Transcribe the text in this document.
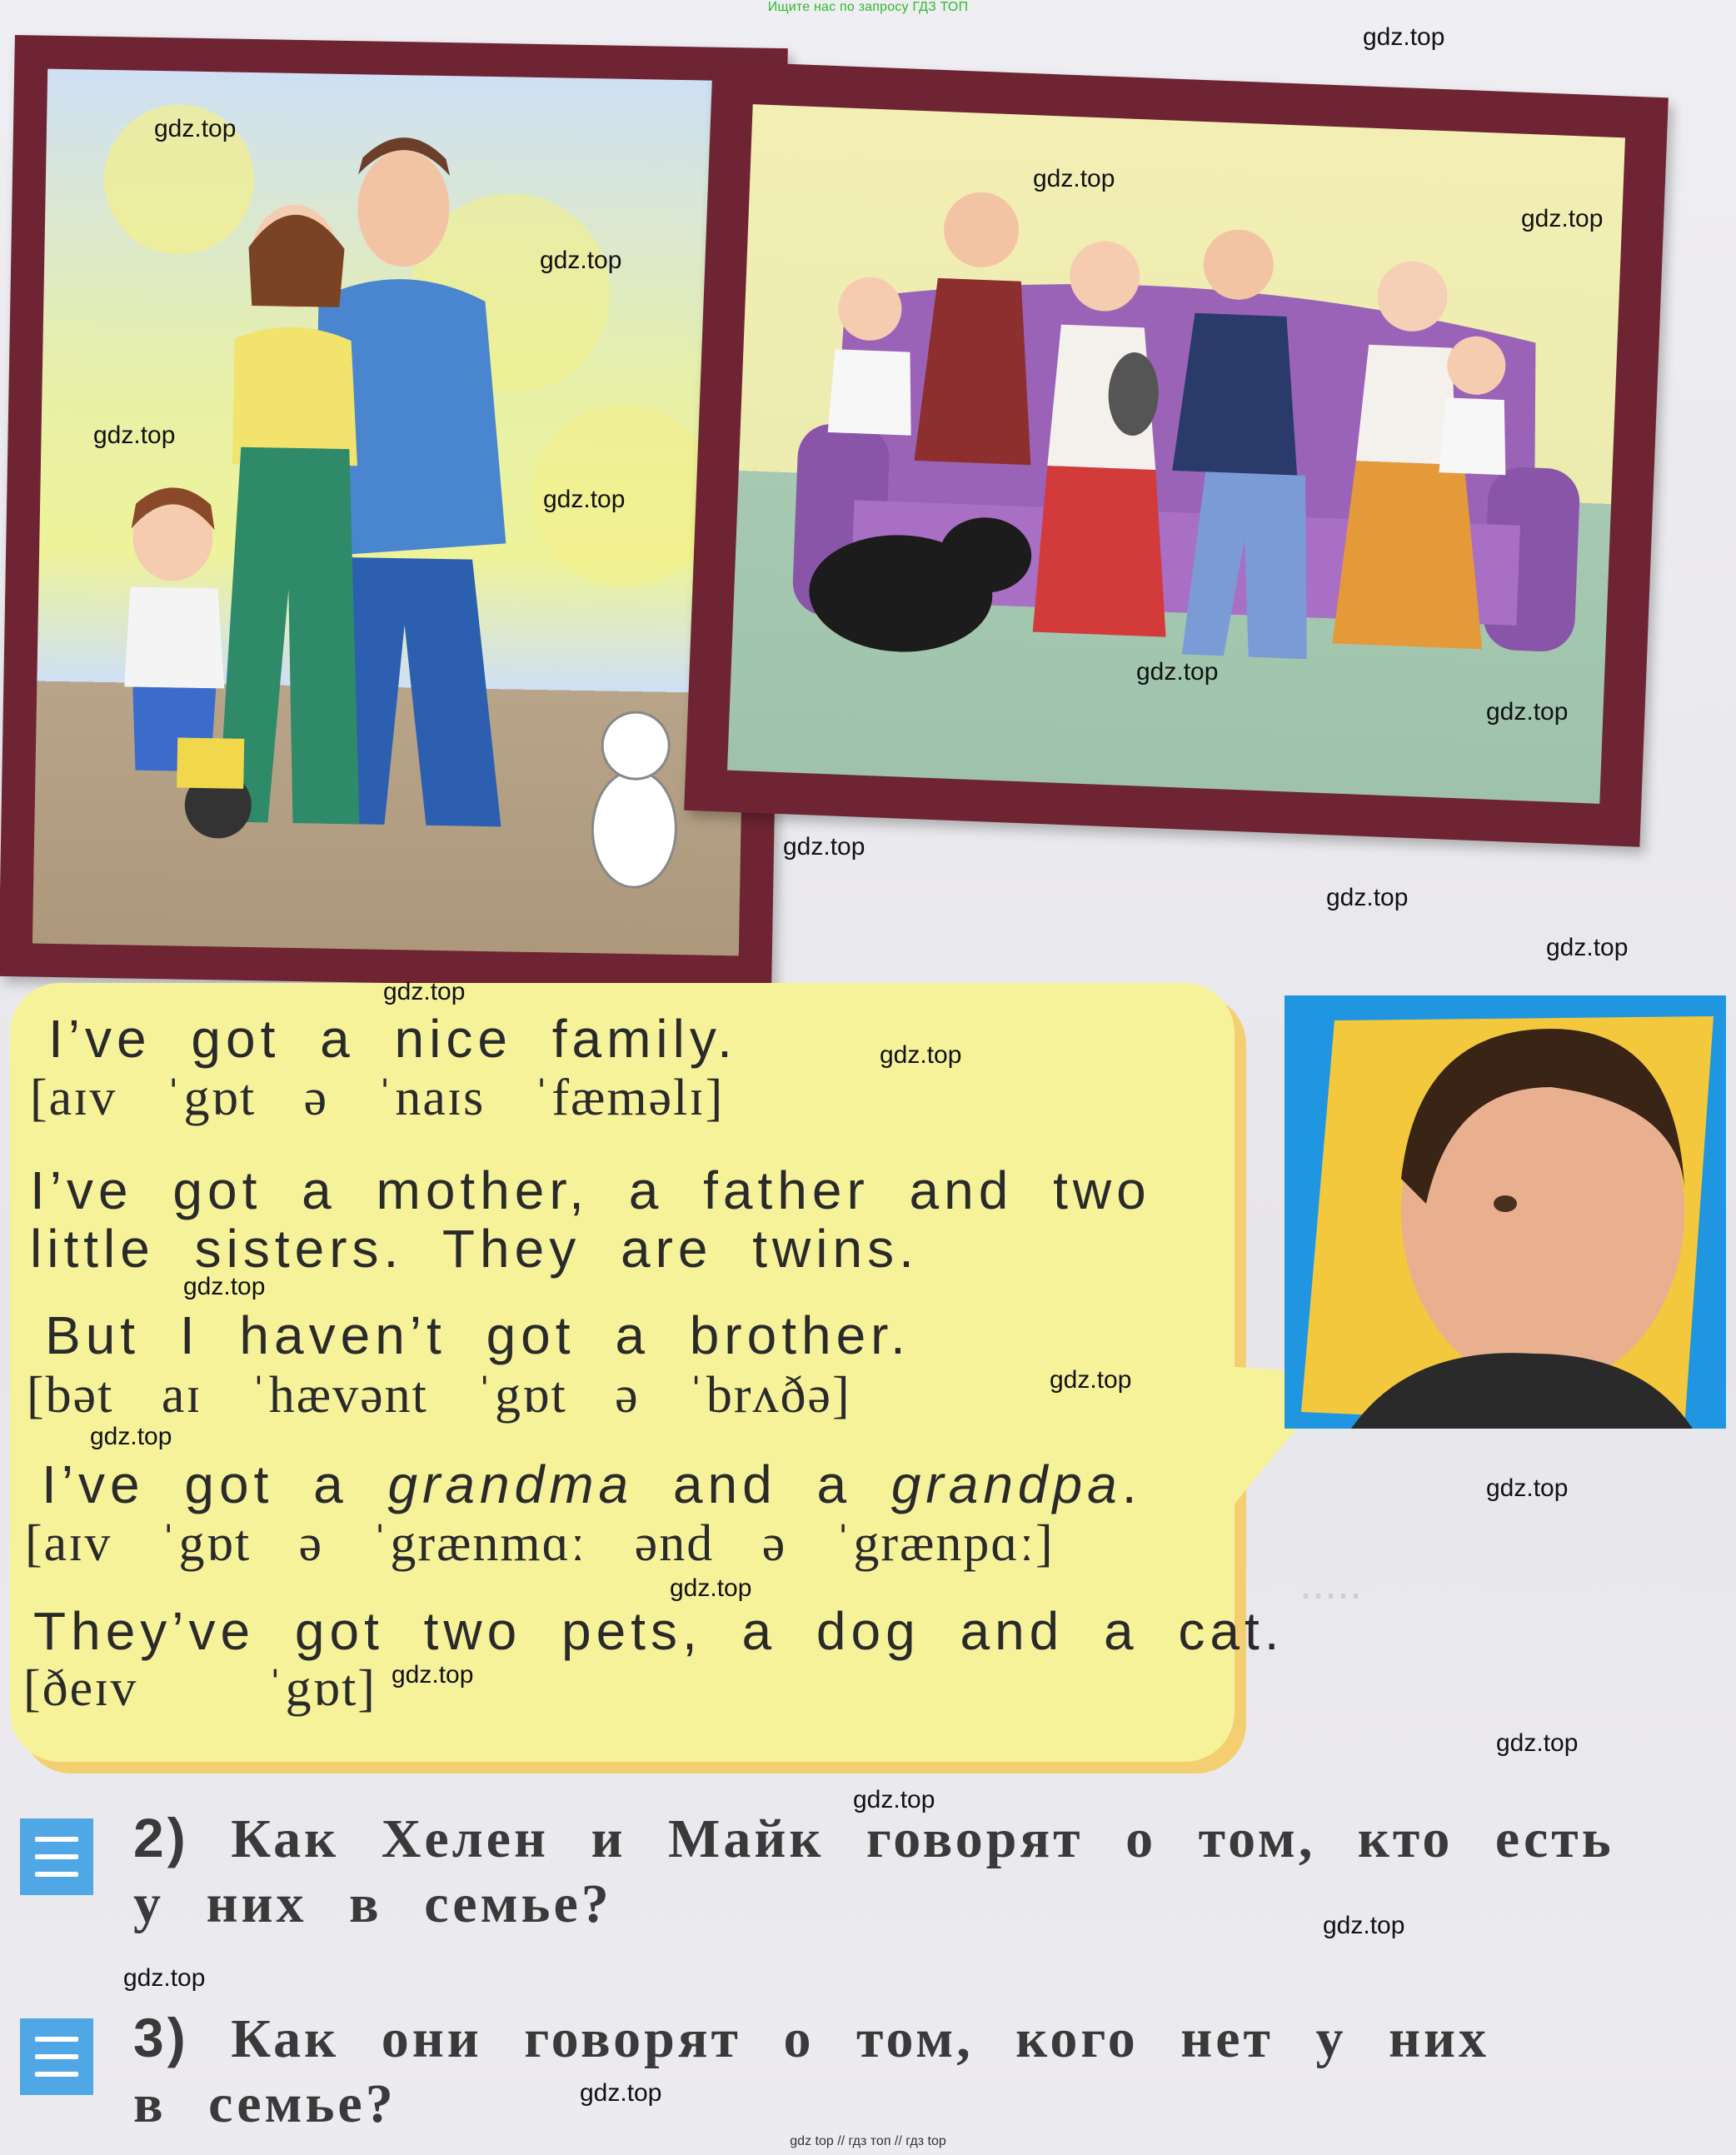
Ищите нас по запросу ГДЗ ТОП
.....
I’ve got a nice family.
[aɪv ˈgɒt ə ˈnaɪs ˈfæməlɪ]
I’ve got a mother, a father and two
little sisters. They are twins.
But I haven’t got a brother.
[bət aɪ ˈhævənt ˈgɒt ə ˈbrʌðə]
I’ve got a grandma and a grandpa.
[aɪv ˈgɒt ə ˈgrænmɑː ənd ə ˈgrænpɑː]
They’ve got two pets, a dog and a cat.
[ðeɪv ˈgɒt]
2) Как Хелен и Майк говорят о том, кто есть
у них в семье?
3) Как они говорят о том, кого нет у них
в семье?
gdz.top
gdz.top
gdz.top
gdz.top
gdz.top
gdz.top
gdz.top
gdz.top
gdz.top
gdz.top
gdz.top
gdz.top
gdz.top
gdz.top
gdz.top
gdz.top
gdz.top
gdz.top
gdz.top
gdz.top
gdz.top
gdz.top
gdz.top
gdz.top
gdz.top
gdz top // гдз топ // гдз top
